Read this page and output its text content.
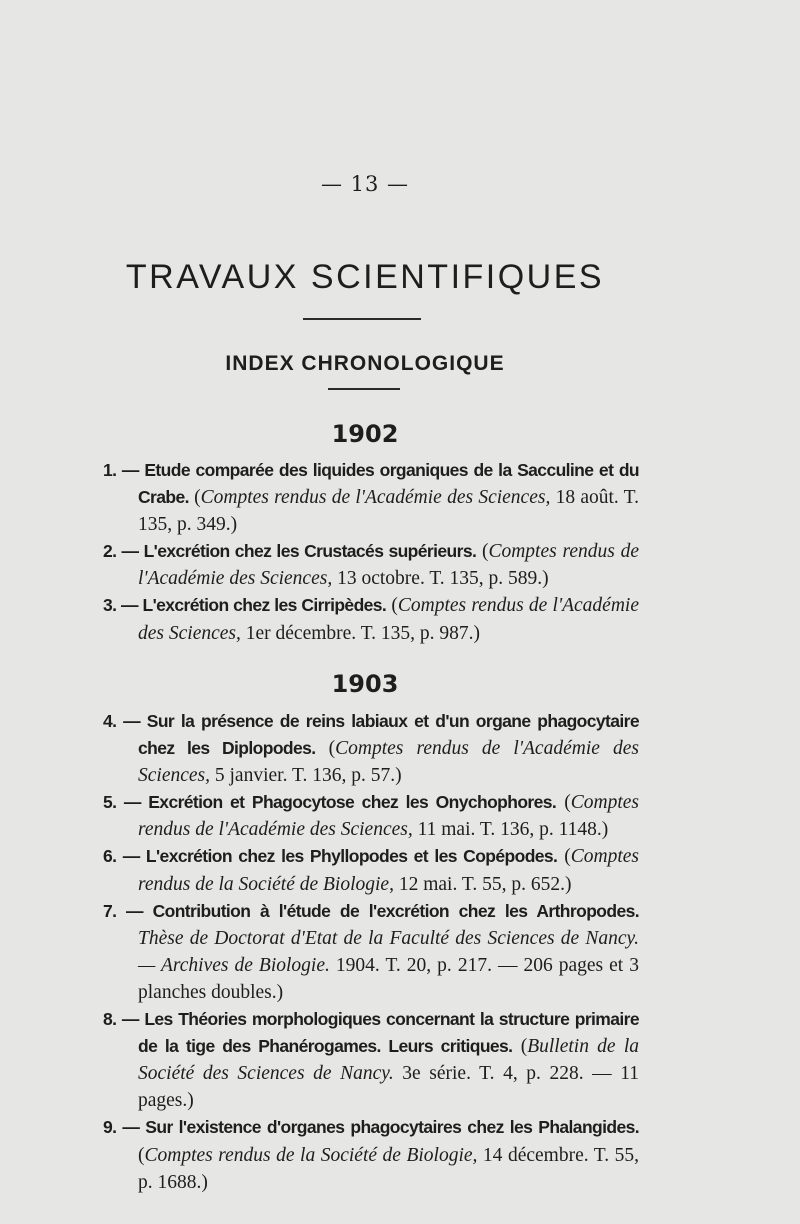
— 13 —
TRAVAUX SCIENTIFIQUES
INDEX CHRONOLOGIQUE
1902
1. — Etude comparée des liquides organiques de la Sacculine et du Crabe. (Comptes rendus de l'Académie des Sciences, 18 août. T. 135, p. 349.)
2. — L'excrétion chez les Crustacés supérieurs. (Comptes rendus de l'Académie des Sciences, 13 octobre. T. 135, p. 589.)
3. — L'excrétion chez les Cirripèdes. (Comptes rendus de l'Académie des Sciences, 1er décembre. T. 135, p. 987.)
1903
4. — Sur la présence de reins labiaux et d'un organe phagocytaire chez les Diplopodes. (Comptes rendus de l'Académie des Sciences, 5 janvier. T. 136, p. 57.)
5. — Excrétion et Phagocytose chez les Onychophores. (Comptes rendus de l'Académie des Sciences, 11 mai. T. 136, p. 1148.)
6. — L'excrétion chez les Phyllopodes et les Copépodes. (Comptes rendus de la Société de Biologie, 12 mai. T. 55, p. 652.)
7. — Contribution à l'étude de l'excrétion chez les Arthropodes. Thèse de Doctorat d'Etat de la Faculté des Sciences de Nancy. — Archives de Biologie. 1904. T. 20, p. 217. — 206 pages et 3 planches doubles.)
8. — Les Théories morphologiques concernant la structure primaire de la tige des Phanérogames. Leurs critiques. (Bulletin de la Société des Sciences de Nancy. 3e série. T. 4, p. 228. — 11 pages.)
9. — Sur l'existence d'organes phagocytaires chez les Phalangides. (Comptes rendus de la Société de Biologie, 14 décembre. T. 55, p. 1688.)
